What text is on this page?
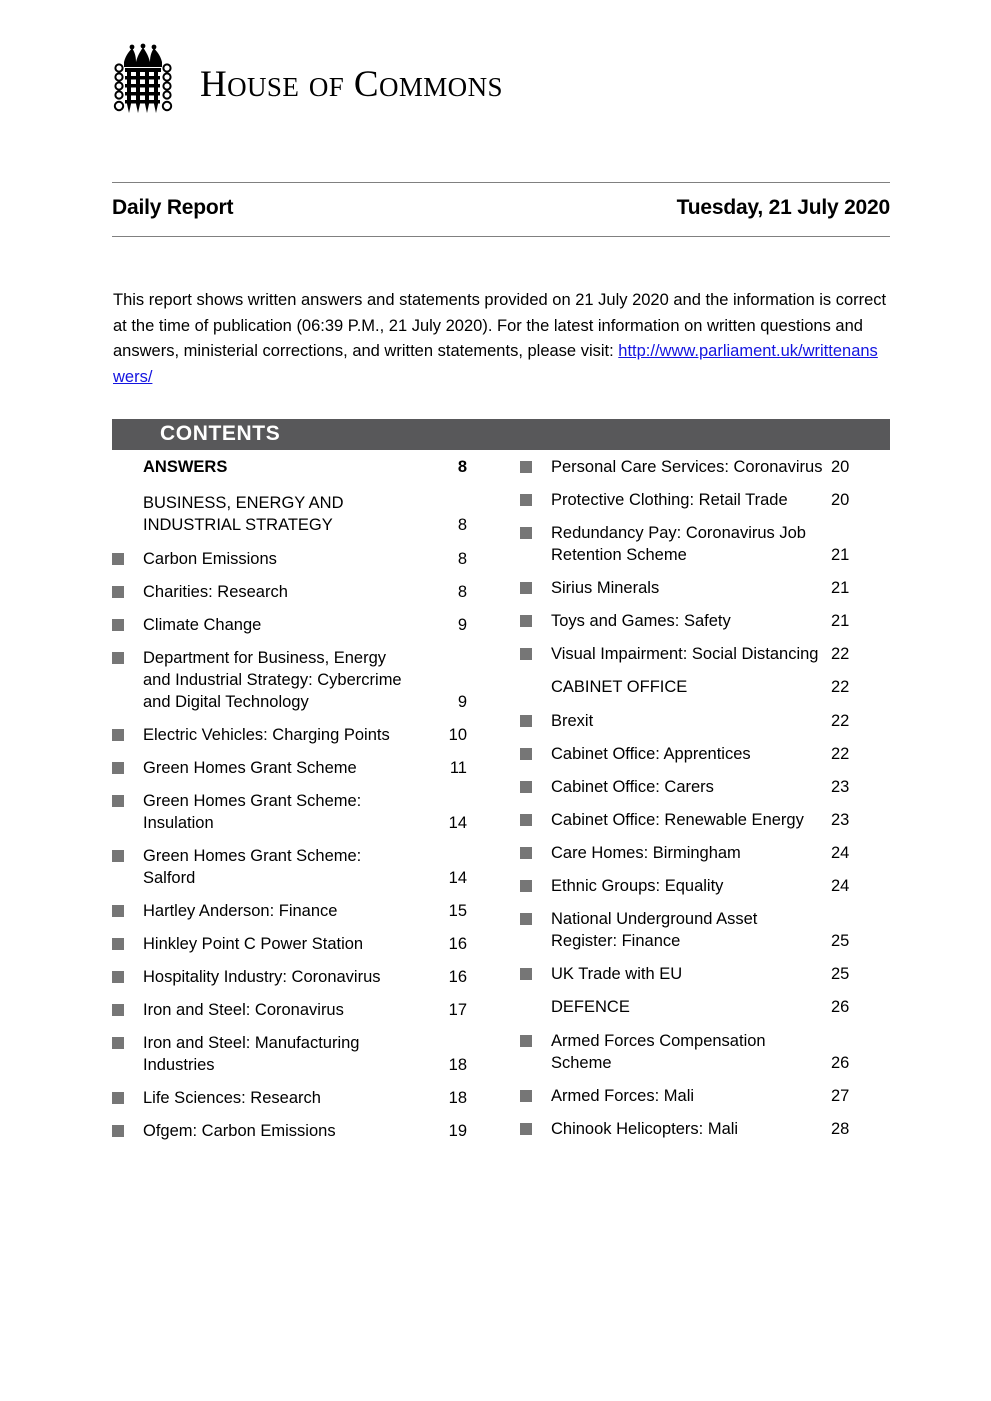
HOUSE OF COMMONS
Daily Report	Tuesday, 21 July 2020
This report shows written answers and statements provided on 21 July 2020 and the information is correct at the time of publication (06:39 P.M., 21 July 2020). For the latest information on written questions and answers, ministerial corrections, and written statements, please visit: http://www.parliament.uk/writtenanswers/
CONTENTS
ANSWERS	8
BUSINESS, ENERGY AND INDUSTRIAL STRATEGY	8
Carbon Emissions	8
Charities: Research	8
Climate Change	9
Department for Business, Energy and Industrial Strategy: Cybercrime and Digital Technology	9
Electric Vehicles: Charging Points	10
Green Homes Grant Scheme	11
Green Homes Grant Scheme: Insulation	14
Green Homes Grant Scheme: Salford	14
Hartley Anderson: Finance	15
Hinkley Point C Power Station	16
Hospitality Industry: Coronavirus	16
Iron and Steel: Coronavirus	17
Iron and Steel: Manufacturing Industries	18
Life Sciences: Research	18
Ofgem: Carbon Emissions	19
Personal Care Services: Coronavirus 20
Protective Clothing: Retail Trade	20
Redundancy Pay: Coronavirus Job Retention Scheme	21
Sirius Minerals	21
Toys and Games: Safety	21
Visual Impairment: Social Distancing 22
CABINET OFFICE	22
Brexit	22
Cabinet Office: Apprentices	22
Cabinet Office: Carers	23
Cabinet Office: Renewable Energy	23
Care Homes: Birmingham	24
Ethnic Groups: Equality	24
National Underground Asset Register: Finance	25
UK Trade with EU	25
DEFENCE	26
Armed Forces Compensation Scheme	26
Armed Forces: Mali	27
Chinook Helicopters: Mali	28
